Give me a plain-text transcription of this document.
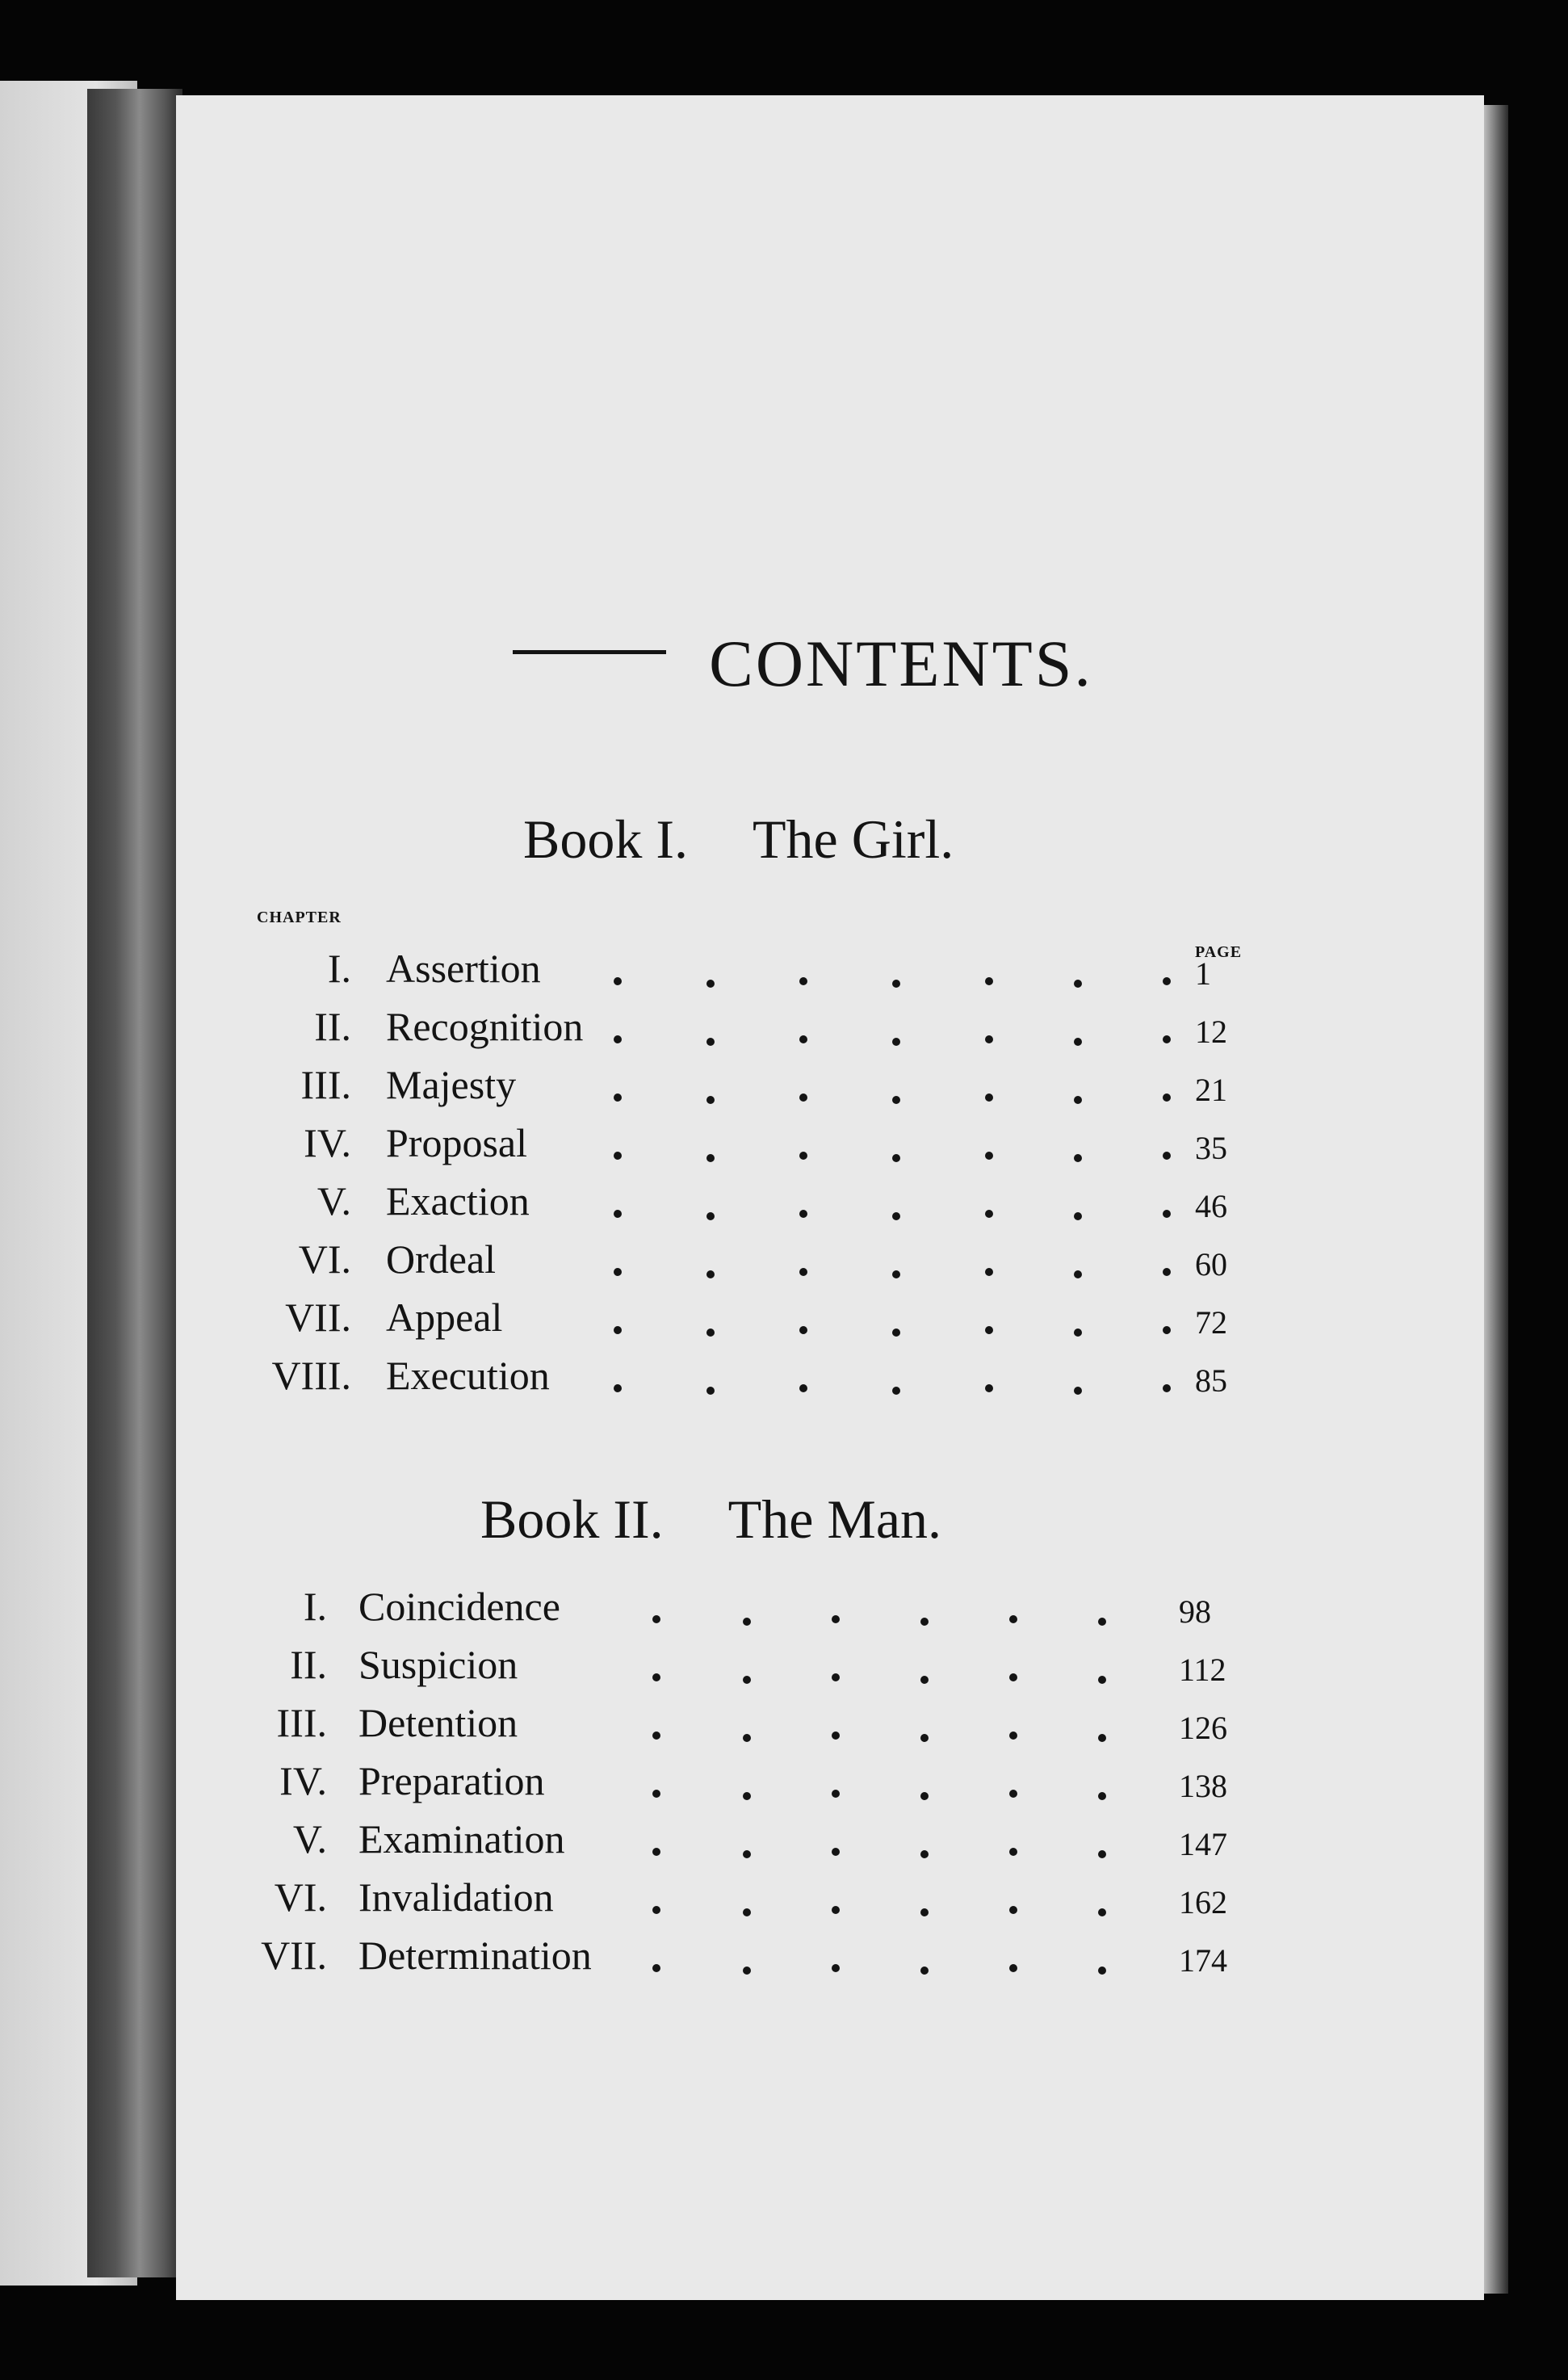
CONTENTS.
Book I. The Girl.
CHAPTER
PAGE
I. Assertion	1
II. Recognition	12
III. Majesty	21
IV. Proposal	35
V. Exaction	46
VI. Ordeal	60
VII. Appeal	72
VIII. Execution	85
Book II. The Man.
I. Coincidence	98
II. Suspicion	112
III. Detention	126
IV. Preparation	138
V. Examination	147
VI. Invalidation	162
VII. Determination	174
